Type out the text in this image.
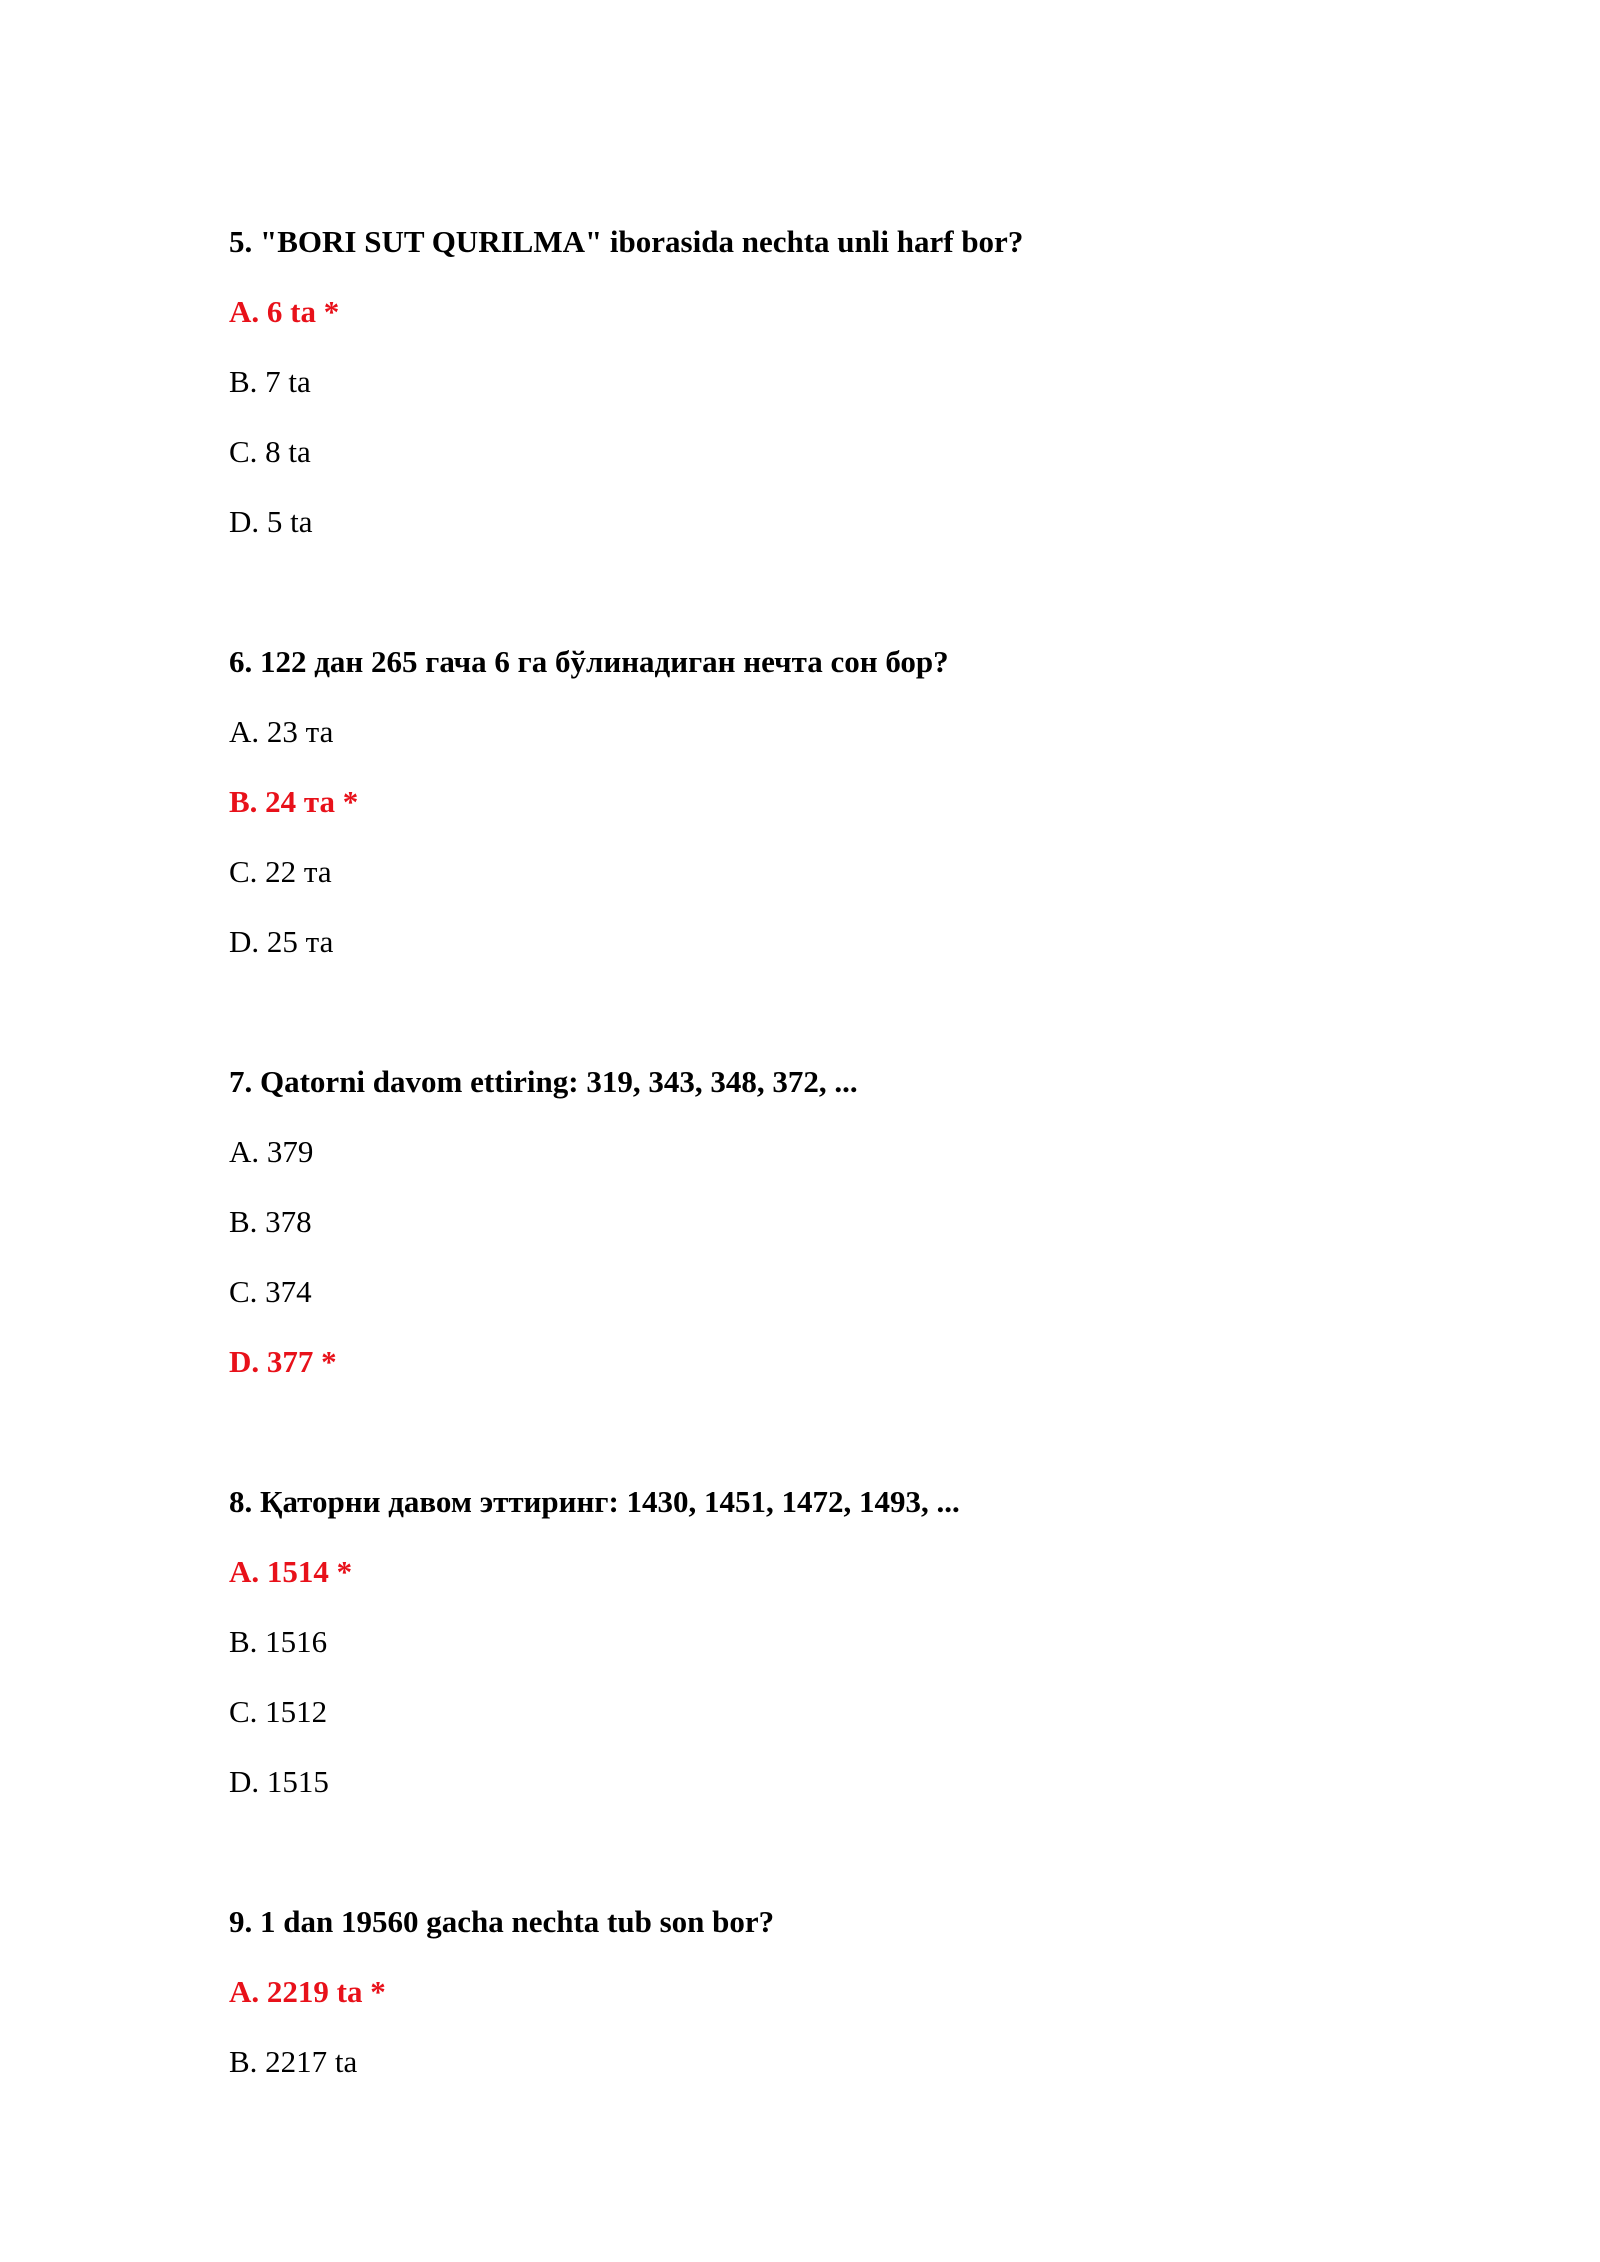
5. "BORI SUT QURILMA" iborasida nechta unli harf bor?
A. 6 ta *
B. 7 ta
C. 8 ta
D. 5 ta
6. 122 дан 265 гача 6 га бўлинадиган нечта сон бор?
A. 23 та
B. 24 та *
C. 22 та
D. 25 та
7. Qatorni davom ettiring: 319, 343, 348, 372, ...
A. 379
B. 378
C. 374
D. 377 *
8. Қаторни давом эттиринг: 1430, 1451, 1472, 1493, ...
A. 1514 *
B. 1516
C. 1512
D. 1515
9. 1 dan 19560 gacha nechta tub son bor?
A. 2219 ta *
B. 2217 ta
